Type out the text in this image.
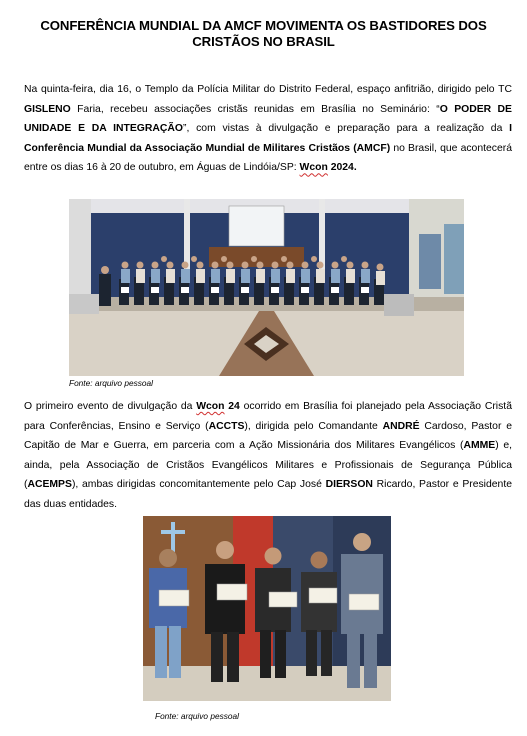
CONFERÊNCIA MUNDIAL DA AMCF MOVIMENTA OS BASTIDORES DOS CRISTÃOS NO BRASIL

Na quinta-feira, dia 16, o Templo da Polícia Militar do Distrito Federal, espaço anfitrião, dirigido pelo TC GISLENO Faria, recebeu associações cristãs reunidas em Brasília no Seminário: “O PODER DE UNIDADE E DA INTEGRAÇÃO”, com vistas à divulgação e preparação para a realização da I Conferência Mundial da Associação Mundial de Militares Cristãos (AMCF) no Brasil, que acontecerá entre os dias 16 à 20 de outubro, em Águas de Lindóia/SP: Wcon 2024.

Fonte: arquivo pessoal

O primeiro evento de divulgação da Wcon 24 ocorrido em Brasília foi planejado pela Associação Cristã para Conferências, Ensino e Serviço (ACCTS), dirigida pelo Comandante ANDRÉ Cardoso, Pastor e Capitão de Mar e Guerra, em parceria com a Ação Missionária dos Militares Evangélicos (AMME) e, ainda, pela Associação de Cristãos Evangélicos Militares e Profissionais de Segurança Pública (ACEMPS), ambas dirigidas concomitantemente pelo Cap José DIERSON Ricardo, Pastor e Presidente das duas entidades.

Fonte: arquivo pessoal
